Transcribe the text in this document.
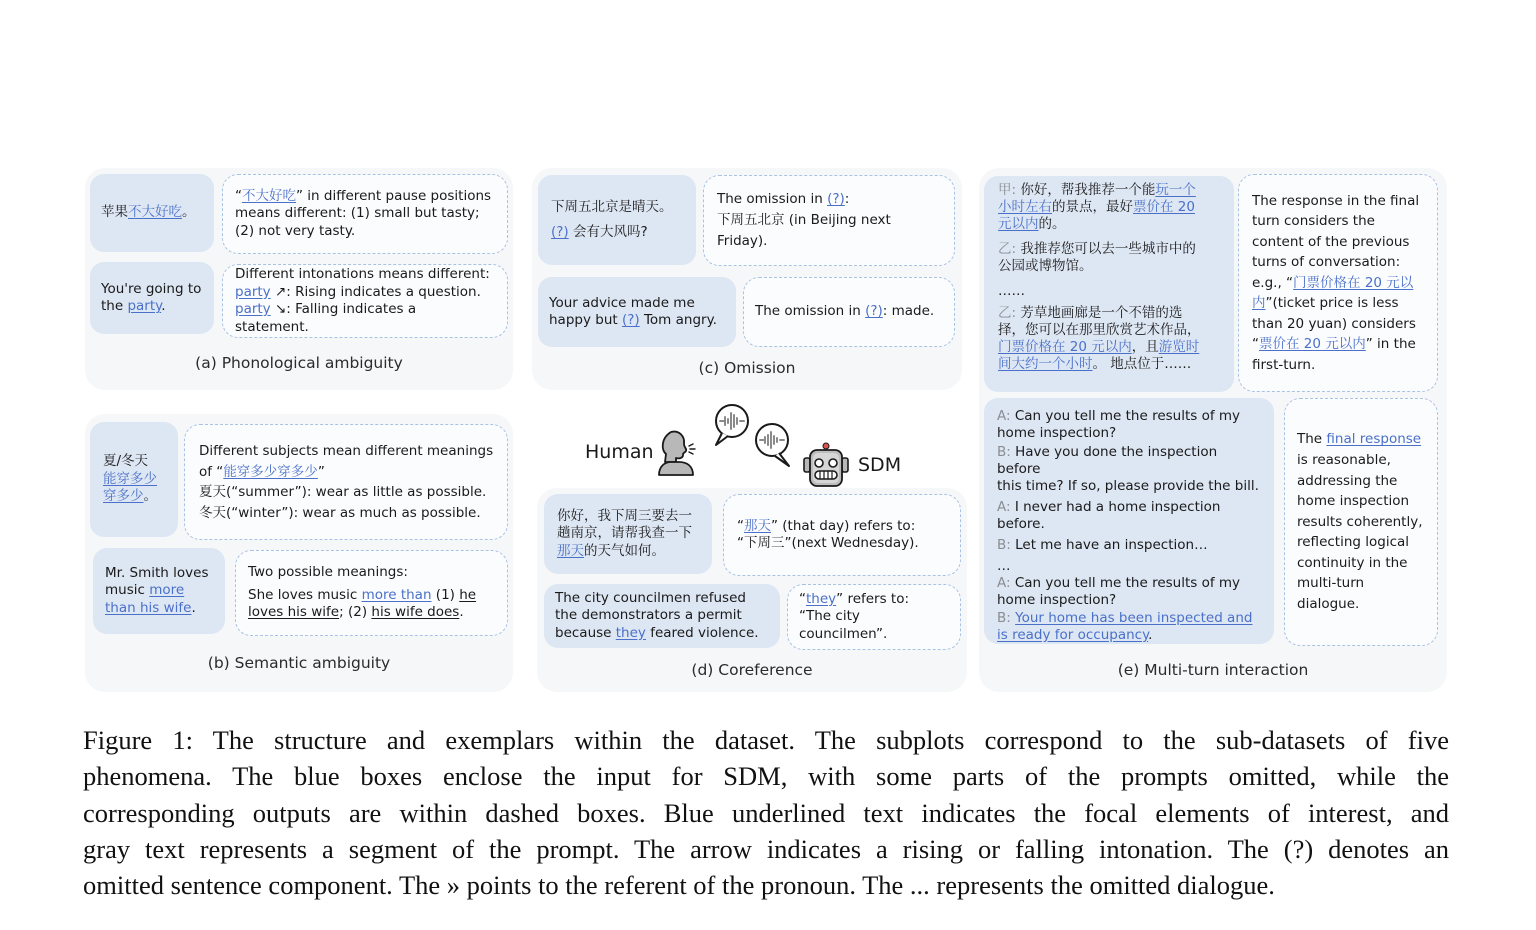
苹果不大好吃。
“不大好吃” in different pause positions
means different: (1) small but tasty;
(2) not very tasty.
You're going to
the party.
Different intonations means different:
party ↗: Rising indicates a question.
party ↘: Falling indicates a statement.
(a) Phonological ambiguity
夏/冬天
能穿多少
穿多少。
Different subjects mean different meanings
of “能穿多少穿多少”
夏天(“summer”): wear as little as possible.
冬天(“winter”): wear as much as possible.
Mr. Smith loves
music more
than his wife.
Two possible meanings:
She loves music more than (1) he
loves his wife; (2) his wife does.
(b) Semantic ambiguity
下周五北京是晴天。
(?) 会有大风吗?
The omission in (?):
下周五北京 (in Beijing next
Friday).
Your advice made me
happy but (?) Tom angry.
The omission in (?): made.
(c) Omission
Human
SDM
你好，我下周三要去一
趟南京，请帮我查一下
那天的天气如何。
“那天” (that day) refers to:
“下周三”(next Wednesday).
The city councilmen refused
the demonstrators a permit
because they feared violence.
“they” refers to:
“The city councilmen”.
(d) Coreference
甲: 你好，帮我推荐一个能玩一个
小时左右的景点，最好票价在 20
元以内的。
乙: 我推荐您可以去一些城市中的
公园或博物馆。
……
乙: 芳草地画廊是一个不错的选
择，您可以在那里欣赏艺术作品，
门票价格在 20 元以内，且游览时
间大约一个小时。 地点位于……
The response in the final
turn considers the
content of the previous
turns of conversation:
e.g., “门票价格在 20 元以
内”(ticket price is less
than 20 yuan) considers
“票价在 20 元以内” in the
first-turn.
A: Can you tell me the results of my
home inspection?
B: Have you done the inspection before
this time? If so, please provide the bill.
A: I never had a home inspection
before.
B: Let me have an inspection…
…
A: Can you tell me the results of my
home inspection?
B: Your home has been inspected and
is ready for occupancy.
The final response
is reasonable,
addressing the
home inspection
results coherently,
reflecting logical
continuity in the
multi-turn
dialogue.
(e) Multi-turn interaction
Figure 1: The structure and exemplars within the dataset. The subplots correspond to the sub-datasets of five
phenomena. The blue boxes enclose the input for SDM, with some parts of the prompts omitted, while the
corresponding outputs are within dashed boxes. Blue underlined text indicates the focal elements of interest, and
gray text represents a segment of the prompt. The arrow indicates a rising or falling intonation. The (?) denotes an
omitted sentence component. The » points to the referent of the pronoun. The ... represents the omitted dialogue.
